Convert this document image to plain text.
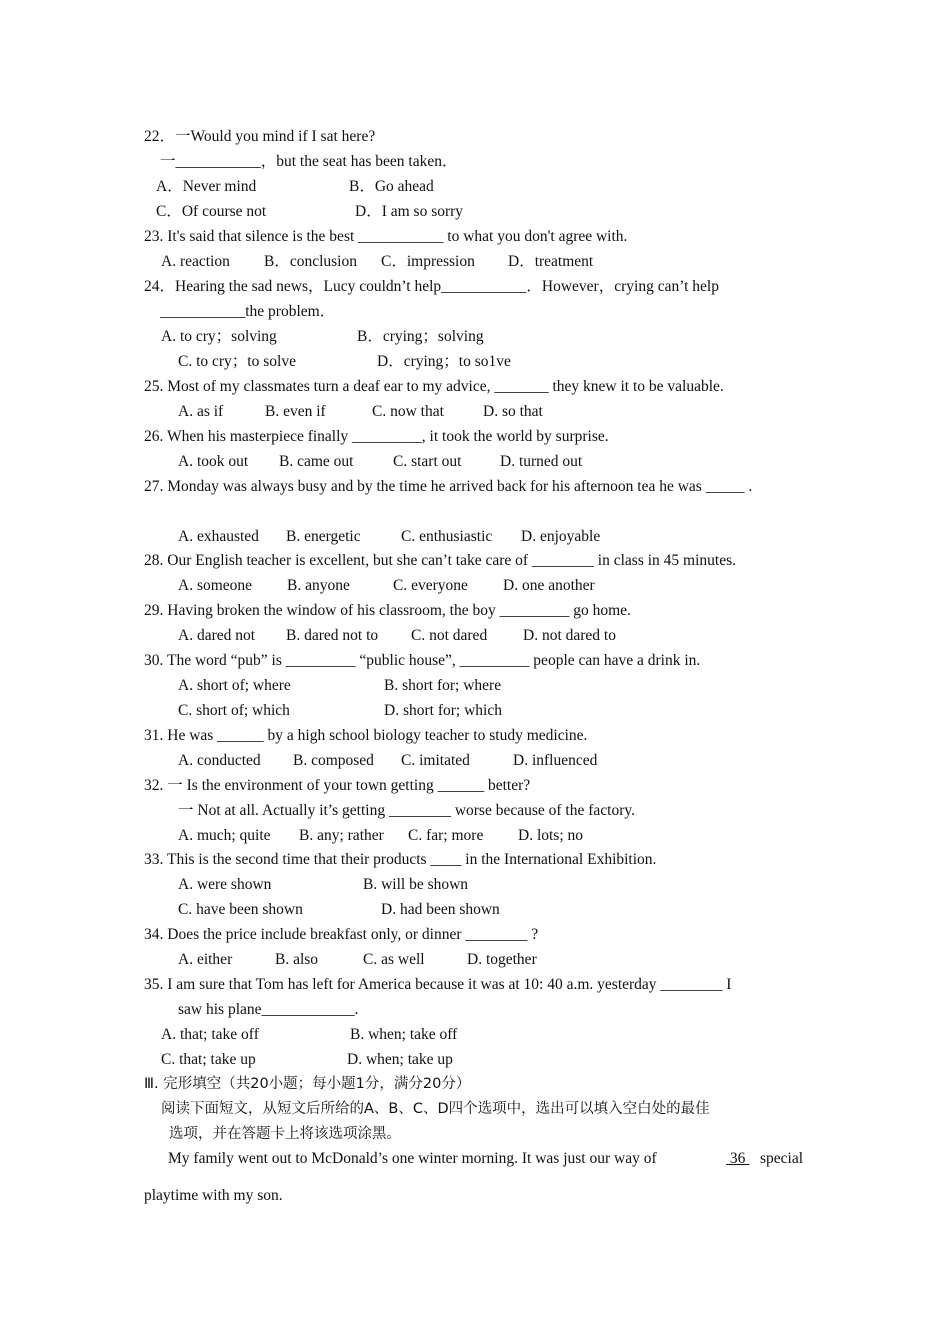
22．一Would you mind if I sat here?
一___________，but the seat has been taken．
A．Never mind	B．Go ahead
C．Of course not	D．I am so sorry
23. It's said that silence is the best ___________ to what you don't agree with.
A. reaction B．conclusion C．impression D．treatment
24．Hearing the sad news，Lucy couldn’t help___________．However，crying can’t help
___________the problem．
A. to cry；solving	B．crying；solving
C. to cry；to solve	D．crying；to so1ve
25. Most of my classmates turn a deaf ear to my advice, _______ they knew it to be valuable.
A. as if	B. even if	C. now that	D. so that
26. When his masterpiece finally _________, it took the world by surprise.
A. took out B. came out	C. start out D. turned out
27. Monday was always busy and by the time he arrived back for his afternoon tea he was _____ .
A. exhausted B. energetic	C. enthusiastic D. enjoyable
28. Our English teacher is excellent, but she can’t take care of ________ in class in 45 minutes.
A. someone B. anyone	C. everyone D. one another
29. Having broken the window of his classroom, the boy _________ go home.
A. dared not B. dared not to C. not dared D. not dared to
30. The word “pub” is _________ “public house”, _________ people can have a drink in.
A. short of; where	B. short for; where
C. short of; which	D. short for; which
31. He was ______ by a high school biology teacher to study medicine.
A. conducted B. composed C. imitated	D. influenced
32. 一 Is the environment of your town getting ______ better?
一 Not at all. Actually it’s getting ________ worse because of the factory.
A. much; quite B. any; rather C. far; more D. lots; no
33. This is the second time that their products ____ in the International Exhibition.
A. were shown	B. will be shown
C. have been shown	D. had been shown
34. Does the price include breakfast only, or dinner ________ ?
A. either	B. also	C. as well	D. together
35. I am sure that Tom has left for America because it was at 10: 40 a.m. yesterday ________ I
saw his plane____________.
A. that; take off	B. when; take off
C. that; take up	D. when; take up
Ⅲ. 完形填空（共20小题；每小题1分，满分20分）
阅读下面短文，从短文后所给的A、B、C、D四个选项中，选出可以填入空白处的最佳
选项，并在答题卡上将该选项涂黑。
My family went out to McDonald’s one winter morning. It was just our way of	36 special
playtime with my son.
